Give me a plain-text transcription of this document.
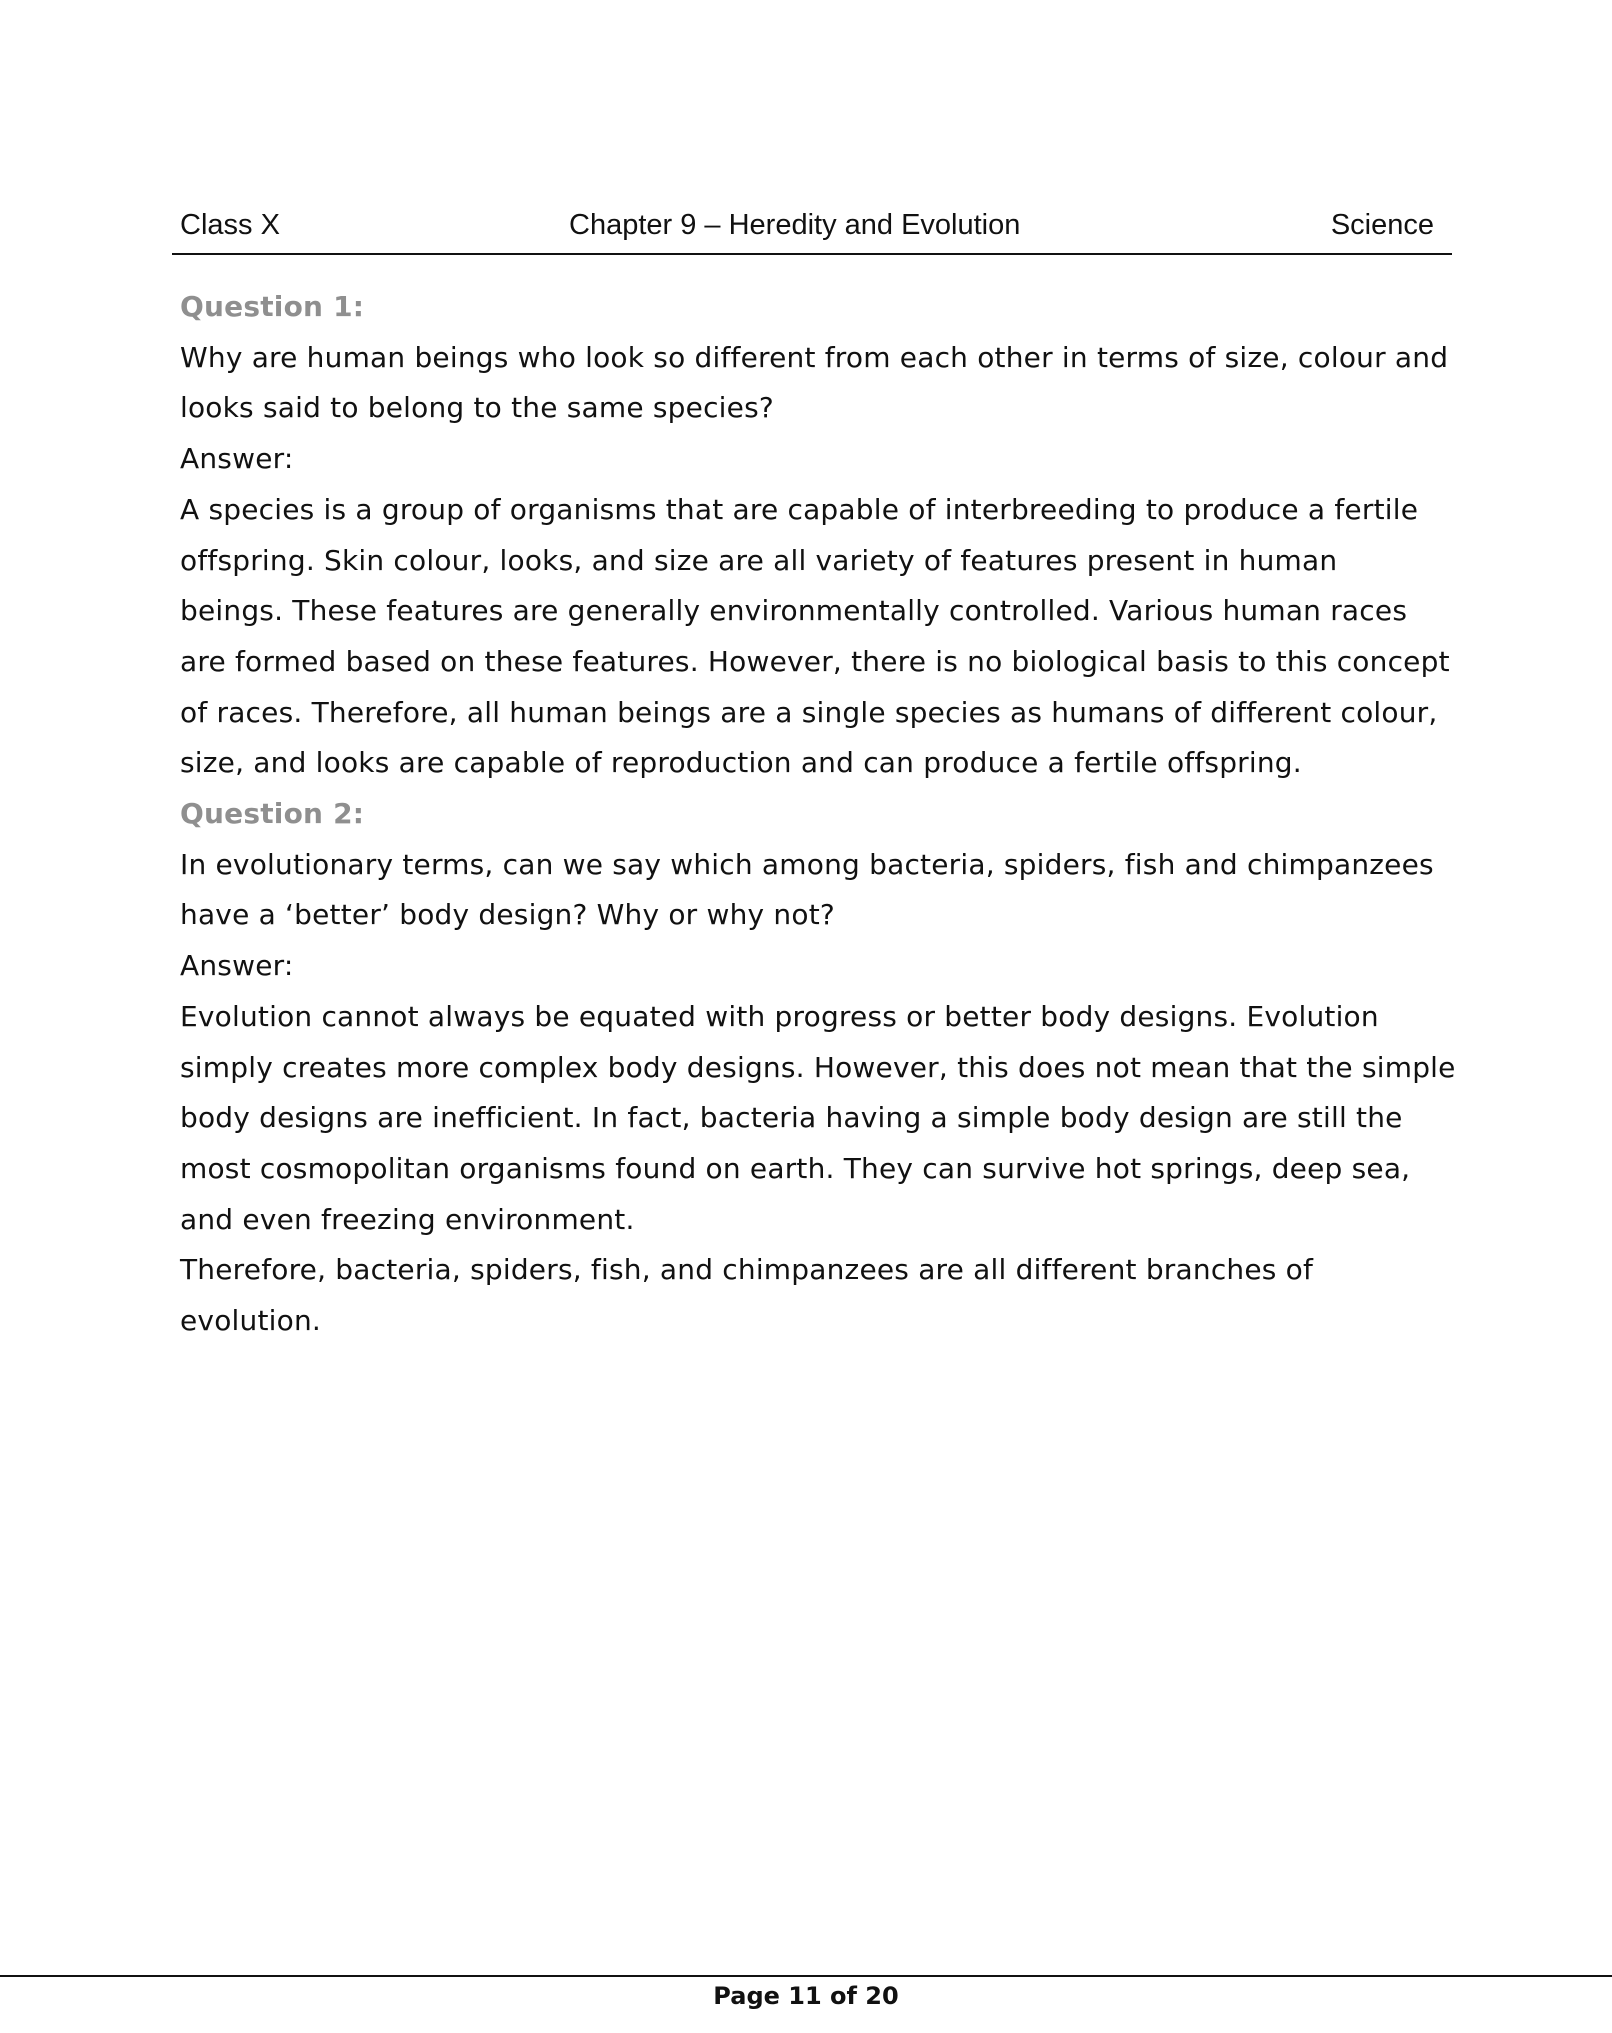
Class X	Chapter 9 – Heredity and Evolution	Science
Question 1:
Why are human beings who look so different from each other in terms of size, colour and
looks said to belong to the same species?
Answer:
A species is a group of organisms that are capable of interbreeding to produce a fertile
offspring. Skin colour, looks, and size are all variety of features present in human
beings. These features are generally environmentally controlled. Various human races
are formed based on these features. However, there is no biological basis to this concept
of races. Therefore, all human beings are a single species as humans of different colour,
size, and looks are capable of reproduction and can produce a fertile offspring.
Question 2:
In evolutionary terms, can we say which among bacteria, spiders, fish and chimpanzees
have a ‘better’ body design? Why or why not?
Answer:
Evolution cannot always be equated with progress or better body designs. Evolution
simply creates more complex body designs. However, this does not mean that the simple
body designs are inefficient. In fact, bacteria having a simple body design are still the
most cosmopolitan organisms found on earth. They can survive hot springs, deep sea,
and even freezing environment.
Therefore, bacteria, spiders, fish, and chimpanzees are all different branches of
evolution.
Page 11 of 20
